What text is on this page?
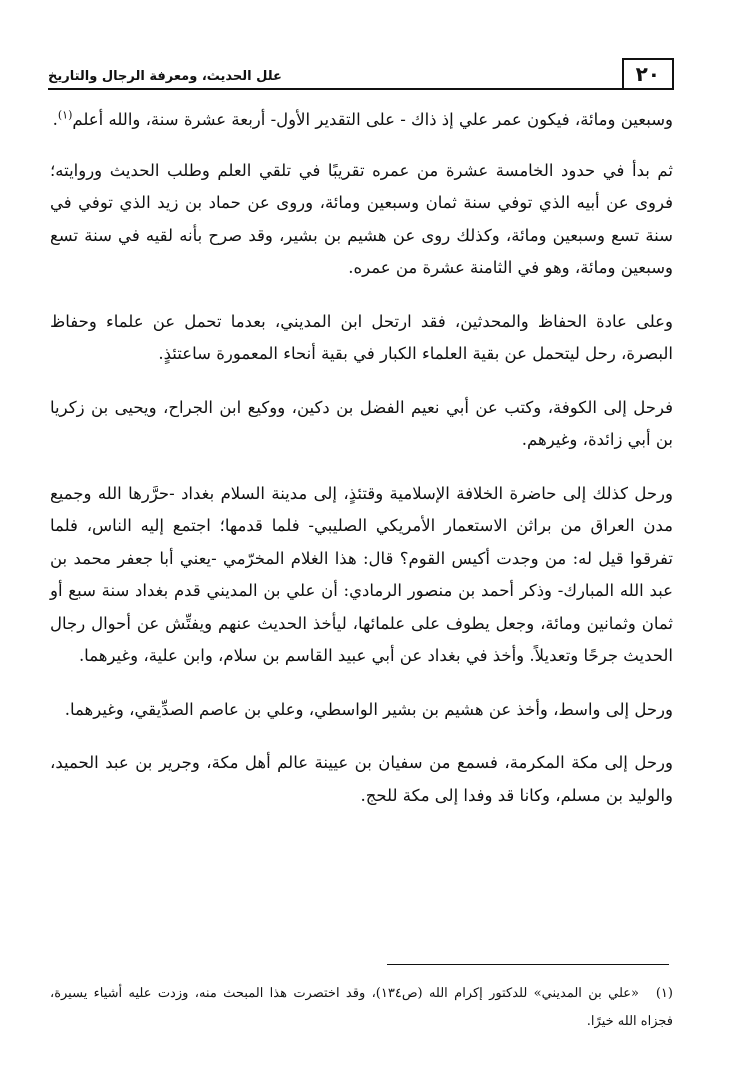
٢٠
علل الحديث، ومعرفة الرجال والتاريخ

وسبعين ومائة، فيكون عمر علي إذ ذاك - على التقدير الأول- أربعة عشرة سنة، والله أعلم$^{(١)}$.

ثم بدأ في حدود الخامسة عشرة من عمره تقريبًا في تلقي العلم وطلب الحديث وروايته؛ فروى عن أبيه الذي توفي سنة ثمان وسبعين ومائة، وروى عن حماد بن زيد الذي توفي في سنة تسع وسبعين ومائة، وكذلك روى عن هشيم بن بشير، وقد صرح بأنه لقيه في سنة تسع وسبعين ومائة، وهو في الثامنة عشرة من عمره.

وعلى عادة الحفاظ والمحدثين، فقد ارتحل ابن المديني، بعدما تحمل عن علماء وحفاظ البصرة، رحل ليتحمل عن بقية العلماء الكبار في بقية أنحاء المعمورة ساعتئذٍ.

فرحل إلى الكوفة، وكتب عن أبي نعيم الفضل بن دكين، ووكيع ابن الجراح، ويحيى بن زكريا بن أبي زائدة، وغيرهم.

ورحل كذلك إلى حاضرة الخلافة الإسلامية وقتئذٍ، إلى مدينة السلام بغداد -حرَّرها الله وجميع مدن العراق من براثن الاستعمار الأمريكي الصليبي- فلما قدمها؛ اجتمع إليه الناس، فلما تفرقوا قيل له: من وجدت أكيس القوم؟ قال: هذا الغلام المخرّمي -يعني أبا جعفر محمد بن عبد الله المبارك- وذكر أحمد بن منصور الرمادي: أن علي بن المديني قدم بغداد سنة سبع أو ثمان وثمانين ومائة، وجعل يطوف على علمائها، ليأخذ الحديث عنهم ويفتِّش عن أحوال رجال الحديث جرحًا وتعديلاً. وأخذ في بغداد عن أبي عبيد القاسم بن سلام، وابن علية، وغيرهما.

ورحل إلى واسط، وأخذ عن هشيم بن بشير الواسطي، وعلي بن عاصم الصدِّيقي، وغيرهما.

ورحل إلى مكة المكرمة، فسمع من سفيان بن عيينة عالم أهل مكة، وجرير بن عبد الحميد، والوليد بن مسلم، وكانا قد وفدا إلى مكة للحج.

(١)«علي بن المديني» للدكتور إكرام الله (ص١٣٤)، وقد اختصرت هذا المبحث منه، وزدت عليه أشياء يسيرة، فجزاه الله خيرًا.
